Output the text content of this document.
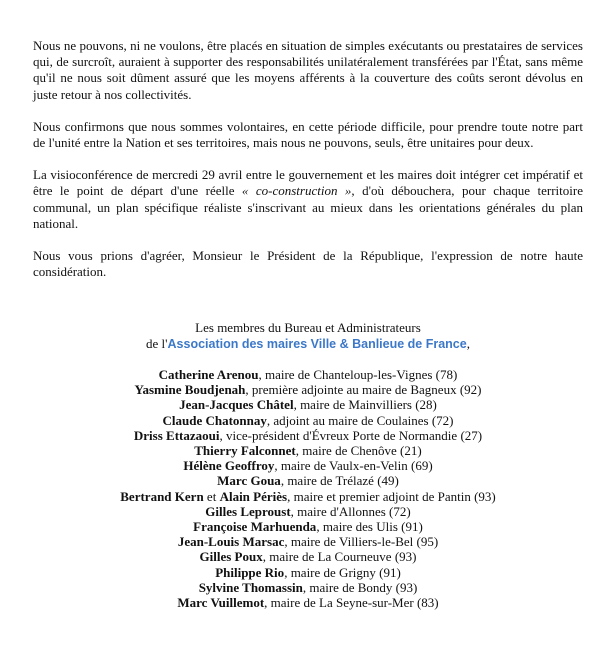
Nous ne pouvons, ni ne voulons, être placés en situation de simples exécutants ou prestataires de services qui, de surcroît, auraient à supporter des responsabilités unilatéralement transférées par l'État, sans même qu'il ne nous soit dûment assuré que les moyens afférents à la couverture des coûts seront dévolus en juste retour à nos collectivités.

Nous confirmons que nous sommes volontaires, en cette période difficile, pour prendre toute notre part de l'unité entre la Nation et ses territoires, mais nous ne pouvons, seuls, être unitaires pour deux.

La visioconférence de mercredi 29 avril entre le gouvernement et les maires doit intégrer cet impératif et être le point de départ d'une réelle « co-construction », d'où débouchera, pour chaque territoire communal, un plan spécifique réaliste s'inscrivant au mieux dans les orientations générales du plan national.

Nous vous prions d'agréer, Monsieur le Président de la République, l'expression de notre haute considération.

Les membres du Bureau et Administrateurs
de l'Association des maires Ville & Banlieue de France,
Catherine Arenou, maire de Chanteloup-les-Vignes (78)
Yasmine Boudjenah, première adjointe au maire de Bagneux (92)
Jean-Jacques Châtel, maire de Mainvilliers (28)
Claude Chatonnay, adjoint au maire de Coulaines (72)
Driss Ettazaoui, vice-président d'Évreux Porte de Normandie (27)
Thierry Falconnet, maire de Chenôve (21)
Hélène Geoffroy, maire de Vaulx-en-Velin (69)
Marc Goua, maire de Trélazé (49)
Bertrand Kern et Alain Périès, maire et premier adjoint de Pantin (93)
Gilles Leproust, maire d'Allonnes (72)
Françoise Marhuenda, maire des Ulis (91)
Jean-Louis Marsac, maire de Villiers-le-Bel (95)
Gilles Poux, maire de La Courneuve (93)
Philippe Rio, maire de Grigny (91)
Sylvine Thomassin, maire de Bondy (93)
Marc Vuillemot, maire de La Seyne-sur-Mer (83)
